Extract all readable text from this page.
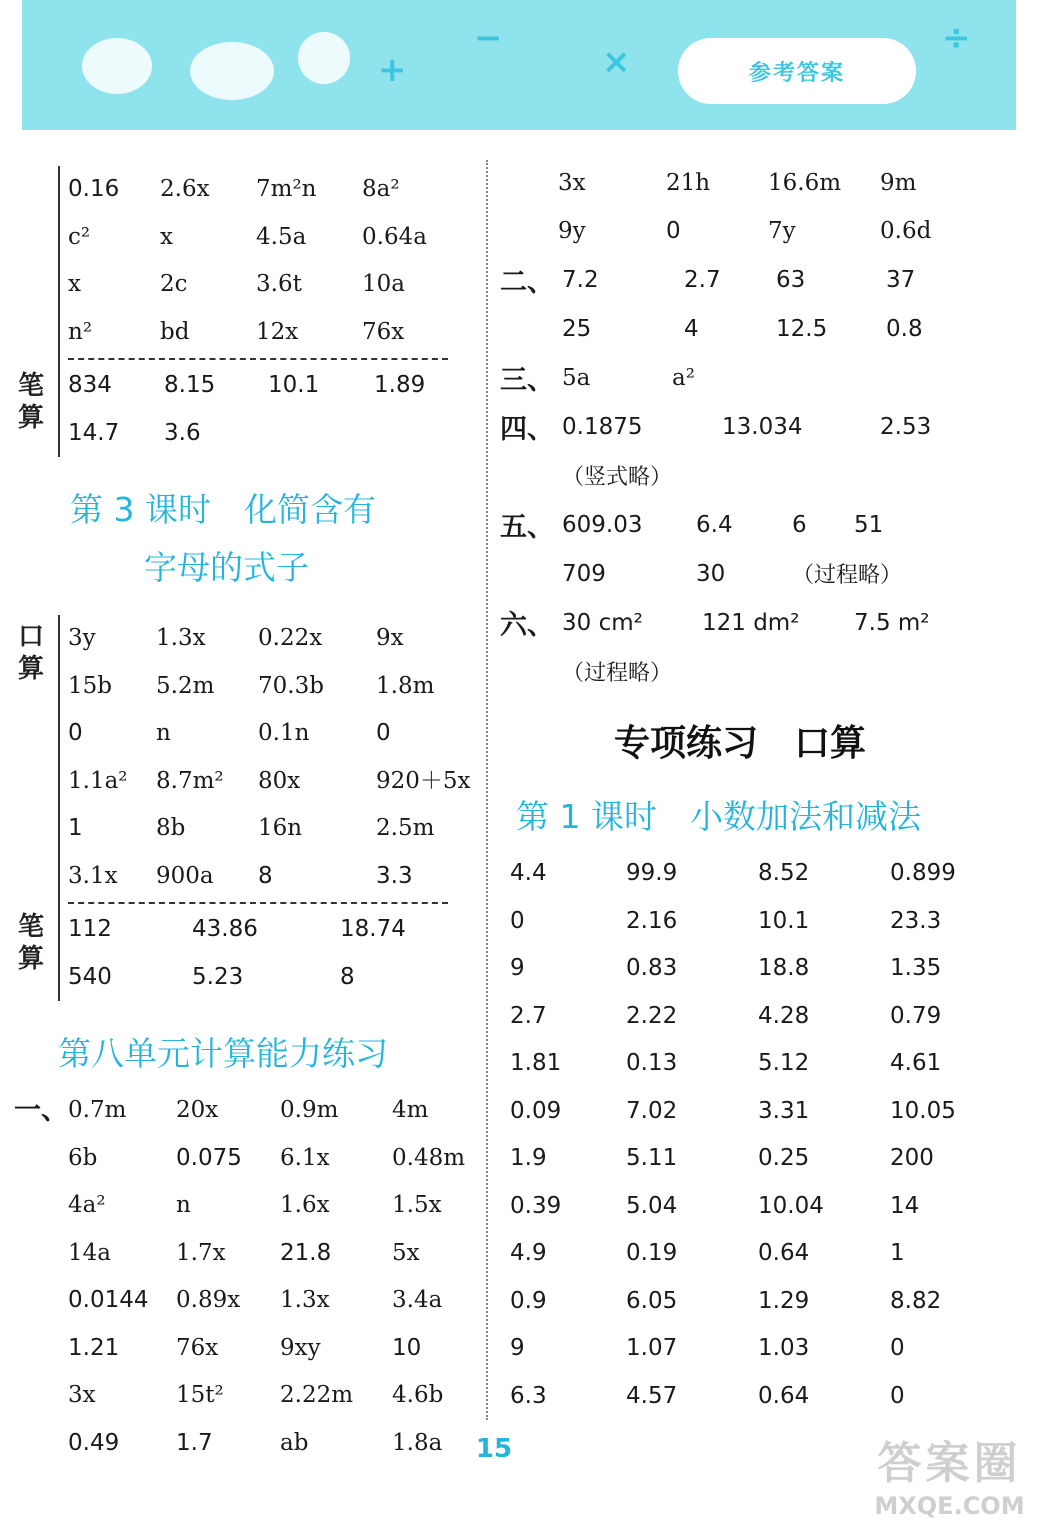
+
−
×
÷
参考答案
0.16	2.6x	7m²n	8a²
c²	x	4.5a	0.64a
x	2c	3.6t	10a
n²	bd	12x	76x
笔算
834	8.15	10.1	1.89
14.7	3.6
第 3 课时　化简含有
字母的式子
口算
3y	1.3x	0.22x	9x
15b	5.2m	70.3b	1.8m
0	n	0.1n	0
1.1a²	8.7m²	80x	920＋5x
1	8b	16n	2.5m
3.1x	900a	8	3.3
笔算
112	43.86	18.74
540	5.23	8
第八单元计算能力练习
一、 0.7m	20x	0.9m	4m
6b	0.075	6.1x	0.48m
4a²	n	1.6x	1.5x
14a	1.7x	21.8	5x
0.0144	0.89x	1.3x	3.4a
1.21	76x	9xy	10
3x	15t²	2.22m	4.6b
0.49	1.7	ab	1.8a
3x	21h	16.6m	9m
9y	0	7y	0.6d
二、 7.2	2.7	63	37
25	4	12.5	0.8
三、 5a	a²
四、 0.1875	13.034	2.53
（竖式略）
五、 609.03	6.4	6	51
709	30	（过程略）
六、 30 cm²	121 dm²	7.5 m²
（过程略）
专项练习　口算
第 1 课时　小数加法和减法
4.4	99.9	8.52	0.899
0	2.16	10.1	23.3
9	0.83	18.8	1.35
2.7	2.22	4.28	0.79
1.81	0.13	5.12	4.61
0.09	7.02	3.31	10.05
1.9	5.11	0.25	200
0.39	5.04	10.04	14
4.9	0.19	0.64	1
0.9	6.05	1.29	8.82
9	1.07	1.03	0
6.3	4.57	0.64	0
15	答案圈
MXQE.COM
